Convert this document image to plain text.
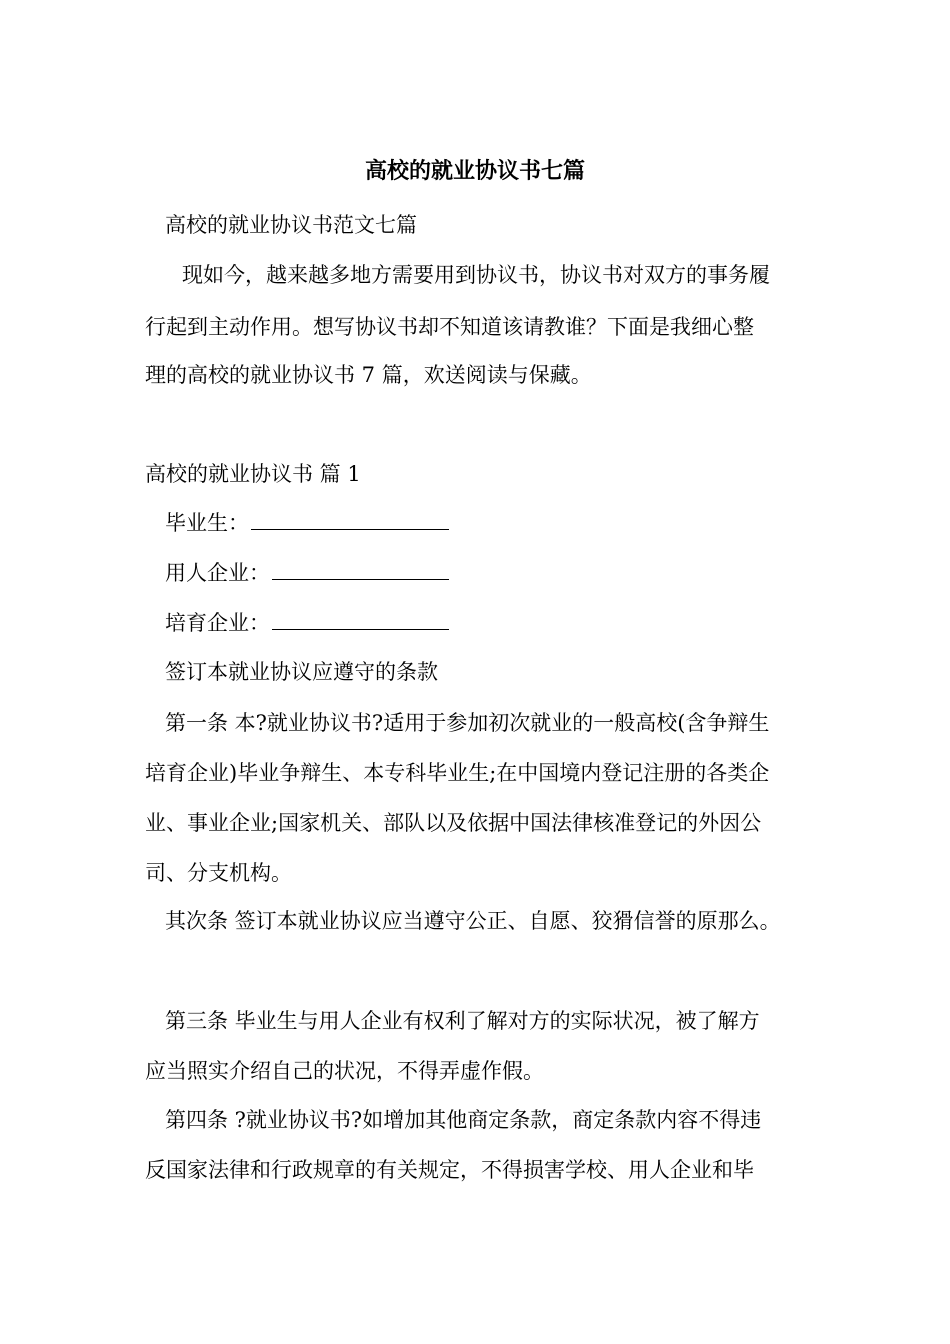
高校的就业协议书七篇
高校的就业协议书范文七篇
现如今，越来越多地方需要用到协议书，协议书对双方的事务履
行起到主动作用。想写协议书却不知道该请教谁？下面是我细心整
理的高校的就业协议书 7 篇，欢送阅读与保藏。
高校的就业协议书 篇 1
毕业生：
用人企业：
培育企业：
签订本就业协议应遵守的条款
第一条 本?就业协议书?适用于参加初次就业的一般高校(含争辩生
培育企业)毕业争辩生、本专科毕业生;在中国境内登记注册的各类企
业、事业企业;国家机关、部队以及依据中国法律核准登记的外因公
司、分支机构。
其次条 签订本就业协议应当遵守公正、自愿、狡猾信誉的原那么。
第三条 毕业生与用人企业有权利了解对方的实际状况，被了解方
应当照实介绍自己的状况，不得弄虚作假。
第四条 ?就业协议书?如增加其他商定条款，商定条款内容不得违
反国家法律和行政规章的有关规定，不得损害学校、用人企业和毕
